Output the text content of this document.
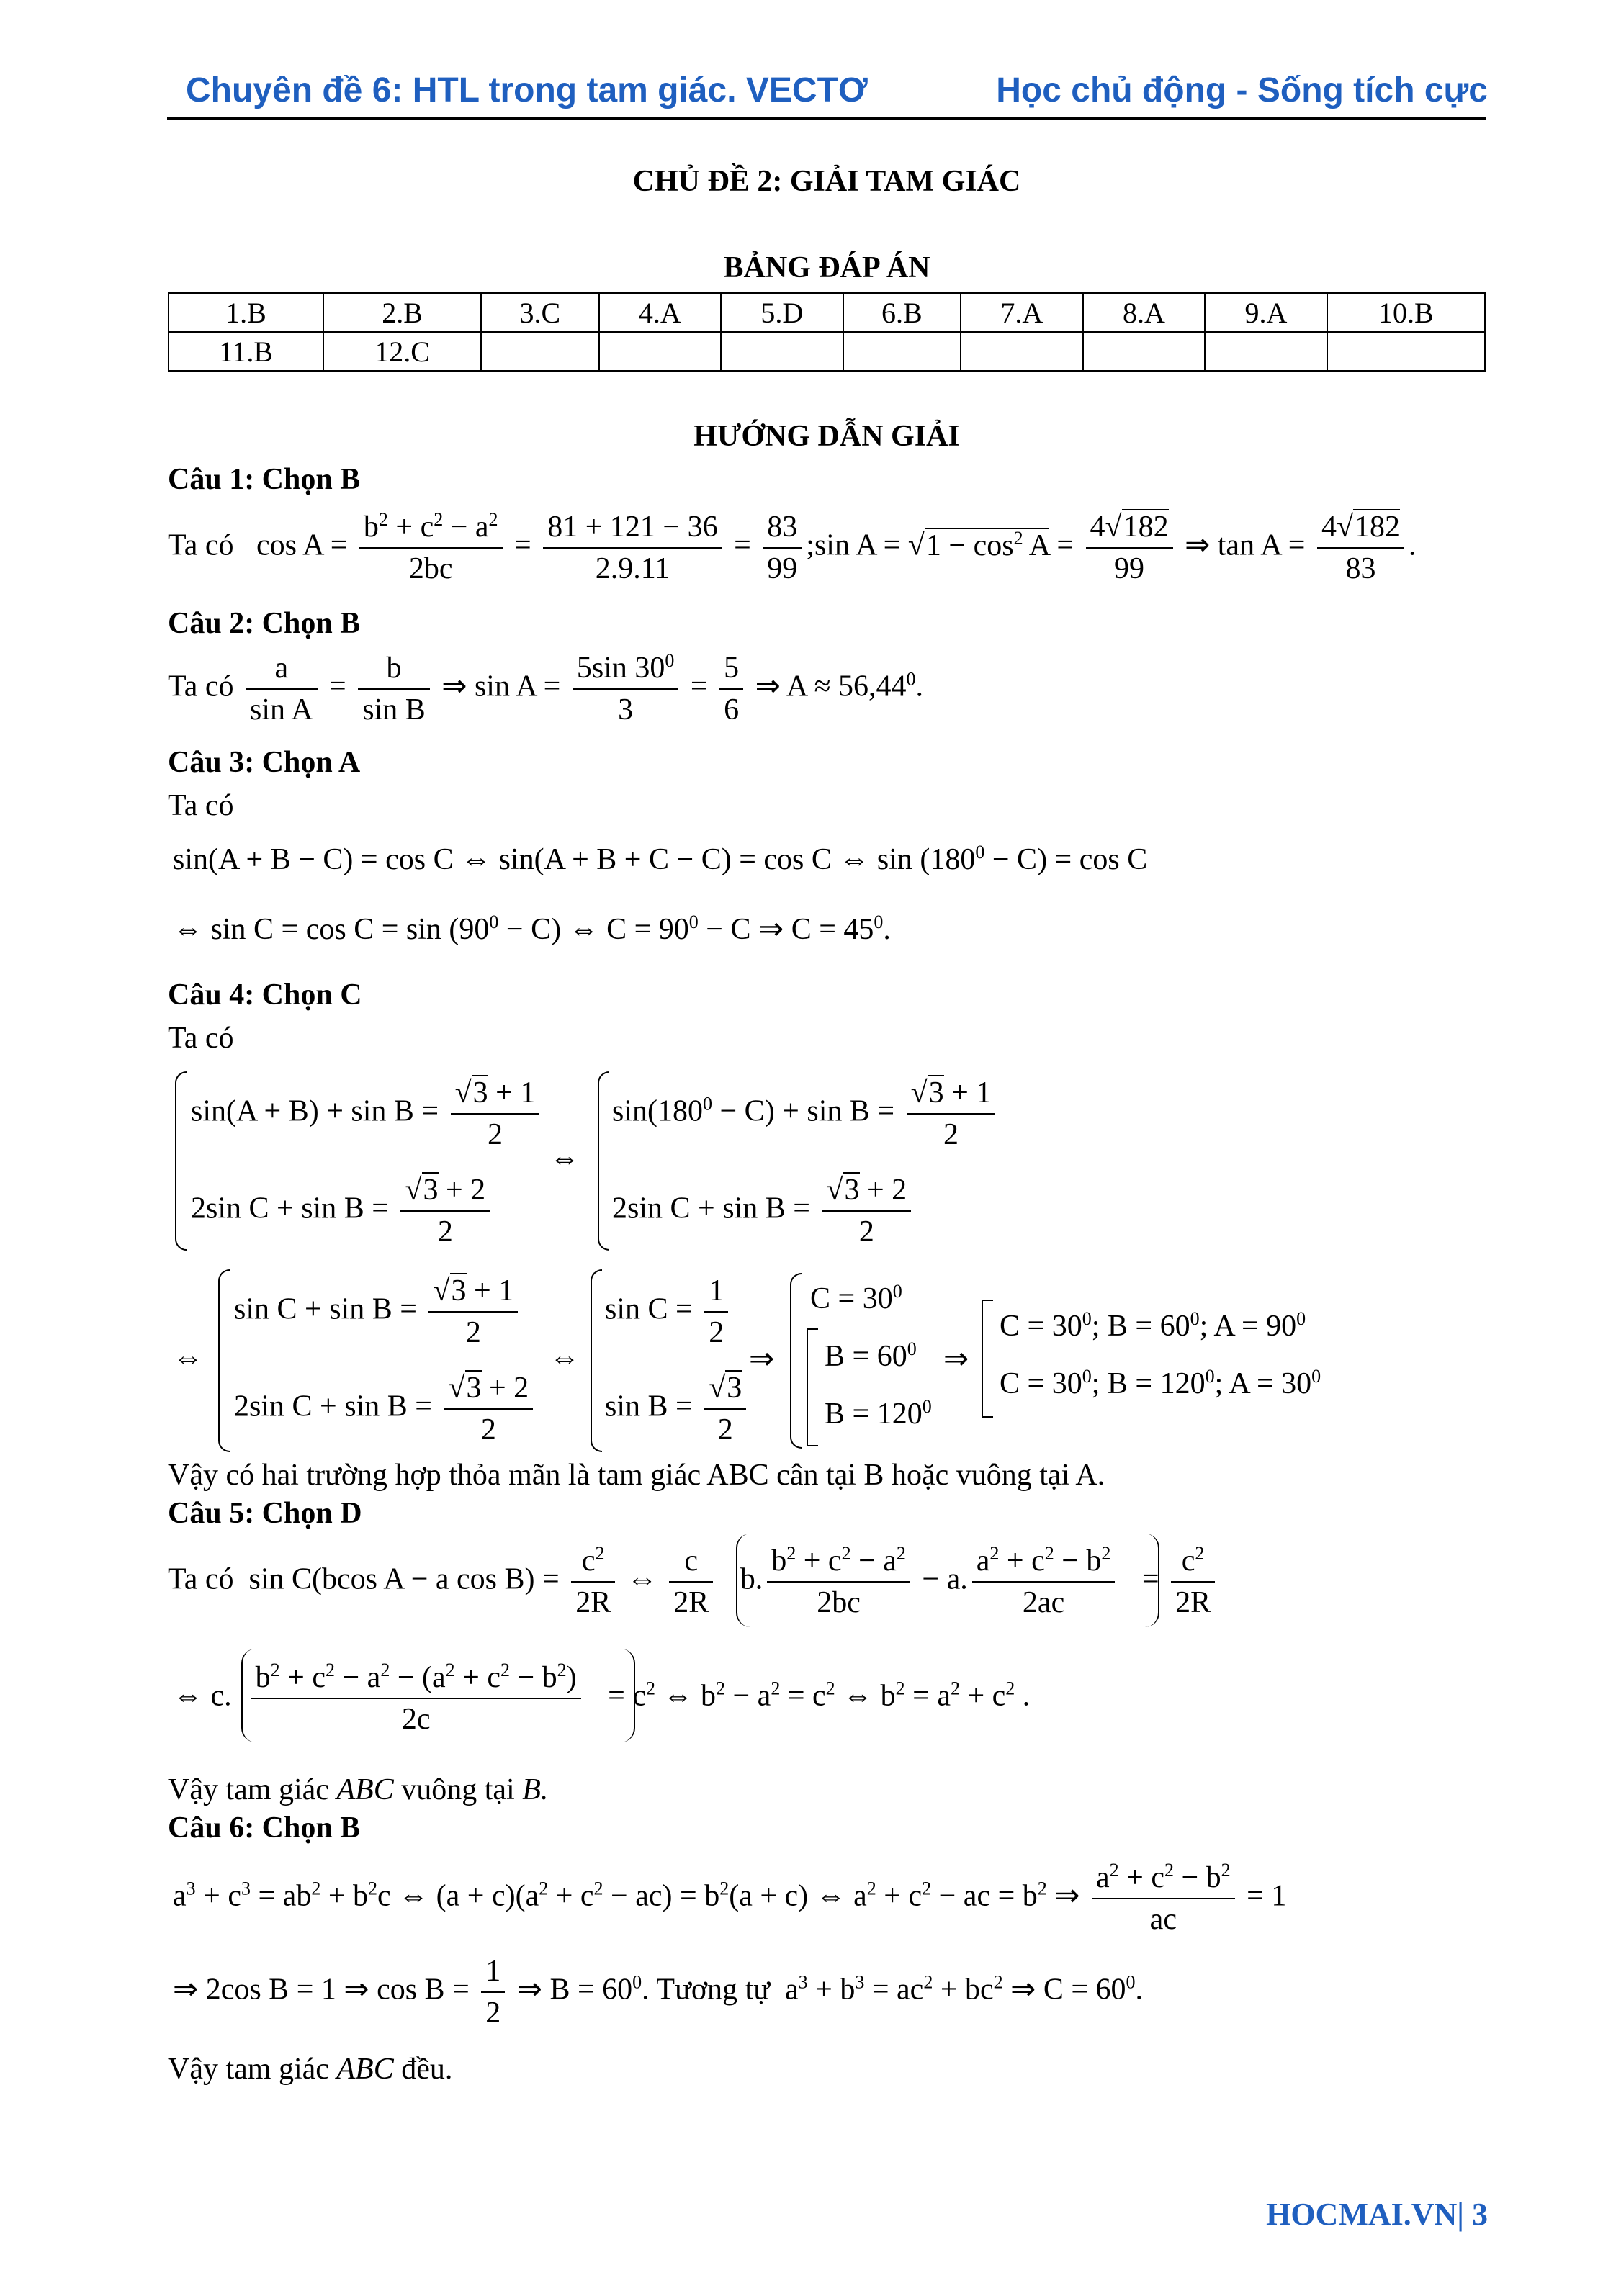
Chuyên đề 6: HTL trong tam giác. VECTƠ	Học chủ động - Sống tích cực
CHỦ ĐỀ 2: GIẢI TAM GIÁC
BẢNG ĐÁP ÁN
1.B	2.B	3.C	4.A	5.D	6.B	7.A	8.A	9.A	10.B
11.B	12.C								
HƯỚNG DẪN GIẢI
Câu 1: Chọn B
Ta có   $\cos A = \frac{b^2 + c^2 - a^2}{2bc} = \frac{81 + 121 - 36}{2.9.11} = \frac{83}{99}$ ;sin $A = √1 - \cos^2 A = \frac{4√182}{99}$ ⇒ $\tan A = \frac{4√182}{83}$ .
Câu 2: Chọn B
Ta có $\frac{a}{\text{sin A}} = \frac{b}{\text{sin B}}$ ⇒ $\sin A = \frac{5\sin 30^0}{3} = \frac{5}{6}$ ⇒ $A \approx 56,44^0$.
Câu 3: Chọn A
Ta có
sin(A + B − C) = cos C ⇔ sin(A + B + C − C) = cos C ⇔ $\sin (180^0 - C) = \cos C$
⇔ $\sin C = \cos C = \sin (90^0 - C)$ ⇔ $C = 90^0 - C$ ⇒ $C = 45^0$.
Câu 4: Chọn C
Ta có
$\sin(A + B) + \sin B = \frac{√3 + 1}{2}$
2sin $C + \sin B = \frac{√3 + 2}{2}$
⇔
$\sin(180^0 - C) + \sin B = \frac{√3 + 1}{2}$
2sin $C + \sin B = \frac{√3 + 2}{2}$
⇔
$\sin C + \sin B = \frac{√3 + 1}{2}$
2sin $C + \sin B = \frac{√3 + 2}{2}$
⇔
$\sin C = \frac{1}{2}$
$\sin B = \frac{√3}{2}$
⇒
$C = 30^0$
$B = 60^0$
$B = 120^0$
⇒
$C = 30^0$; $B = 60^0$; $A = 90^0$
$C = 30^0$; $B = 120^0$; $A = 30^0$
Vậy có hai trường hợp thỏa mãn là tam giác ABC cân tại B hoặc vuông tại A.
Câu 5: Chọn D
Ta có  sin C(bcos A − a $\cos B) = \frac{c^2}{2R}$ ⇔ $\frac{c}{2R} b$. $\frac{b^2 + c^2 - a^2}{2bc} - a$. $\frac{a^2 + c^2 - b^2}{2ac} = \frac{c^2}{2R}$
⇔ c. $\frac{b^2 + c^2 - a^2 - (a^2 + c^2 - b^2)}{2c} = c^2$ ⇔ $b^2 - a^2 = c^2$ ⇔ $b^2 = a^2 + c^2$ .
Vậy tam giác ABC vuông tại B.
Câu 6: Chọn B
$a^3 + c^3 = ab^2 + b^2c$ ⇔ $(a + c)(a^2 + c^2 - ac) = b^2(a + c)$ ⇔ $a^2 + c^2$ − ac = $b^2$ ⇒ $\frac{a^2 + c^2 - b^2}{ac} = 1$
⇒ 2cos B = 1 ⇒ $\cos B = \frac{1}{2}$ ⇒ $B = 60^0$. Tương tự  $a^3 + b^3 = ac^2 + bc^2$ ⇒ $C = 60^0$.
Vậy tam giác ABC đều.
HOCMAI.VN| 3
